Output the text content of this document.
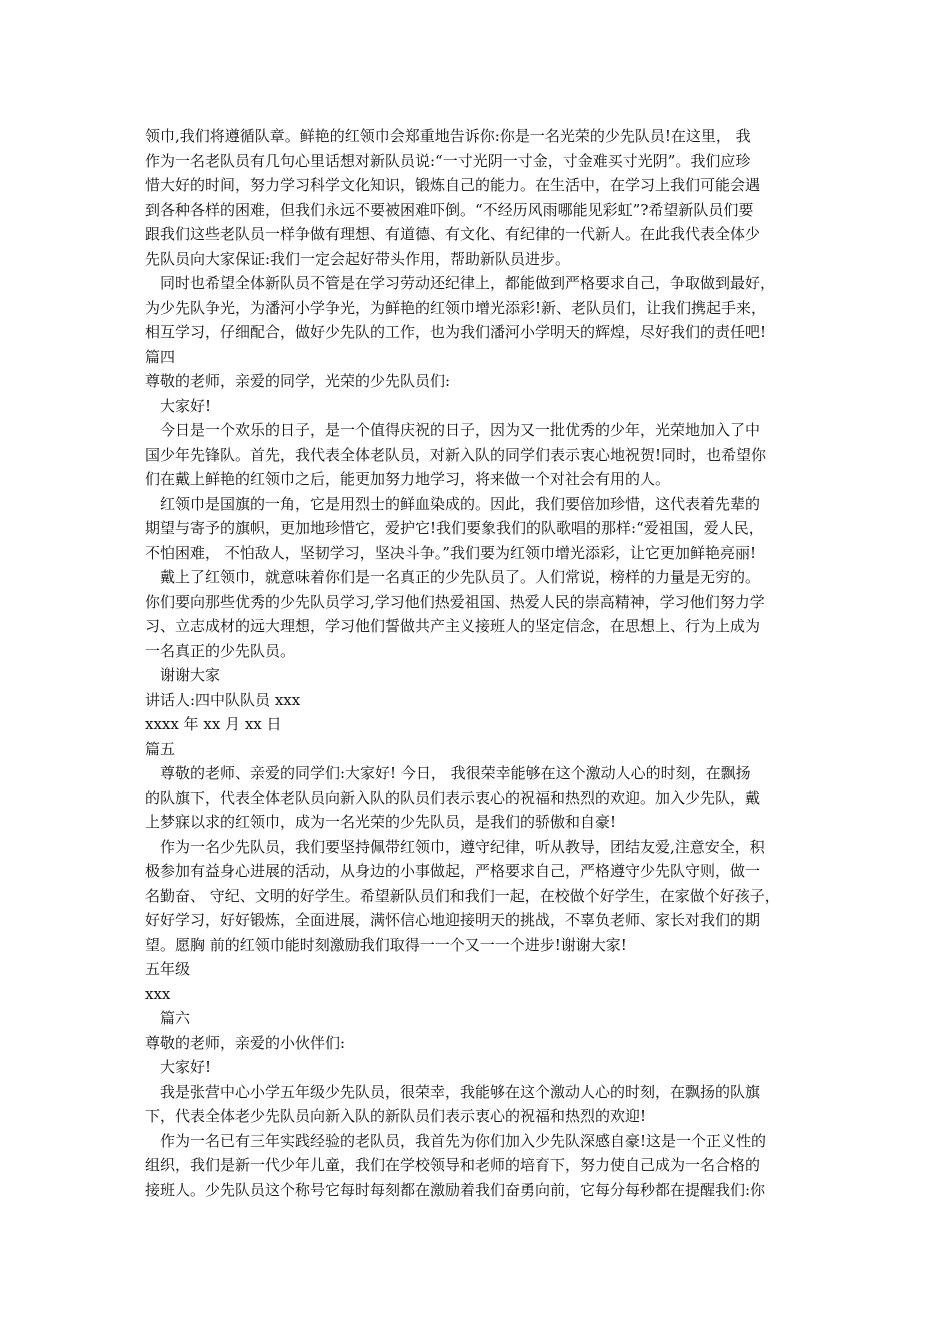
领巾,我们将遵循队章。鲜艳的红领巾会郑重地告诉你:你是一名光荣的少先队员!在这里， 我
作为一名老队员有几句心里话想对新队员说:“一寸光阴一寸金，寸金难买寸光阴”。我们应珍
惜大好的时间，努力学习科学文化知识，锻炼自己的能力。在生活中，在学习上我们可能会遇
到各种各样的困难，但我们永远不要被困难吓倒。“不经历风雨哪能见彩虹”?希望新队员们要
跟我们这些老队员一样争做有理想、有道德、有文化、有纪律的一代新人。在此我代表全体少
先队员向大家保证:我们一定会起好带头作用，帮助新队员进步。
同时也希望全体新队员不管是在学习劳动还纪律上，都能做到严格要求自己，争取做到最好，
为少先队争光，为潘河小学争光，为鲜艳的红领巾增光添彩!新、老队员们，让我们携起手来，
相互学习，仔细配合，做好少先队的工作，也为我们潘河小学明天的辉煌，尽好我们的责任吧!
篇四
尊敬的老师，亲爱的同学，光荣的少先队员们:
大家好!
今日是一个欢乐的日子，是一个值得庆祝的日子，因为又一批优秀的少年，光荣地加入了中
国少年先锋队。首先，我代表全体老队员，对新入队的同学们表示衷心地祝贺!同时，也希望你
们在戴上鲜艳的红领巾之后，能更加努力地学习，将来做一个对社会有用的人。
红领巾是国旗的一角，它是用烈士的鲜血染成的。因此，我们要倍加珍惜，这代表着先辈的
期望与寄予的旗帜，更加地珍惜它，爱护它!我们要象我们的队歌唱的那样:“爱祖国，爱人民，
不怕困难， 不怕敌人，坚韧学习，坚决斗争。”我们要为红领巾增光添彩，让它更加鲜艳亮丽!
戴上了红领巾，就意味着你们是一名真正的少先队员了。人们常说，榜样的力量是无穷的。
你们要向那些优秀的少先队员学习,学习他们热爱祖国、热爱人民的崇高精神，学习他们努力学
习、立志成材的远大理想，学习他们誓做共产主义接班人的坚定信念，在思想上、行为上成为
一名真正的少先队员。
谢谢大家
讲话人:四中队队员 xxx
xxxx 年 xx 月 xx 日
篇五
尊敬的老师、亲爱的同学们:大家好! 今日， 我很荣幸能够在这个激动人心的时刻，在飘扬
的队旗下，代表全体老队员向新入队的队员们表示衷心的祝福和热烈的欢迎。加入少先队，戴
上梦寐以求的红领巾，成为一名光荣的少先队员，是我们的骄傲和自豪!
作为一名少先队员，我们要坚持佩带红领巾，遵守纪律，听从教导，团结友爱,注意安全，积
极参加有益身心进展的活动，从身边的小事做起，严格要求自己，严格遵守少先队守则，做一
名勤奋、 守纪、文明的好学生。希望新队员们和我们一起，在校做个好学生，在家做个好孩子，
好好学习，好好锻炼，全面进展，满怀信心地迎接明天的挑战，不辜负老师、家长对我们的期
望。愿胸 前的红领巾能时刻激励我们取得一一个又一一个进步!谢谢大家!
五年级
xxx
篇六
尊敬的老师，亲爱的小伙伴们:
大家好!
我是张营中心小学五年级少先队员，很荣幸，我能够在这个激动人心的时刻，在飘扬的队旗
下，代表全体老少先队员向新入队的新队员们表示衷心的祝福和热烈的欢迎!
作为一名已有三年实践经验的老队员，我首先为你们加入少先队深感自豪!这是一个正义性的
组织，我们是新一代少年儿童，我们在学校领导和老师的培育下，努力使自己成为一名合格的
接班人。少先队员这个称号它每时每刻都在激励着我们奋勇向前，它每分每秒都在提醒我们:你
